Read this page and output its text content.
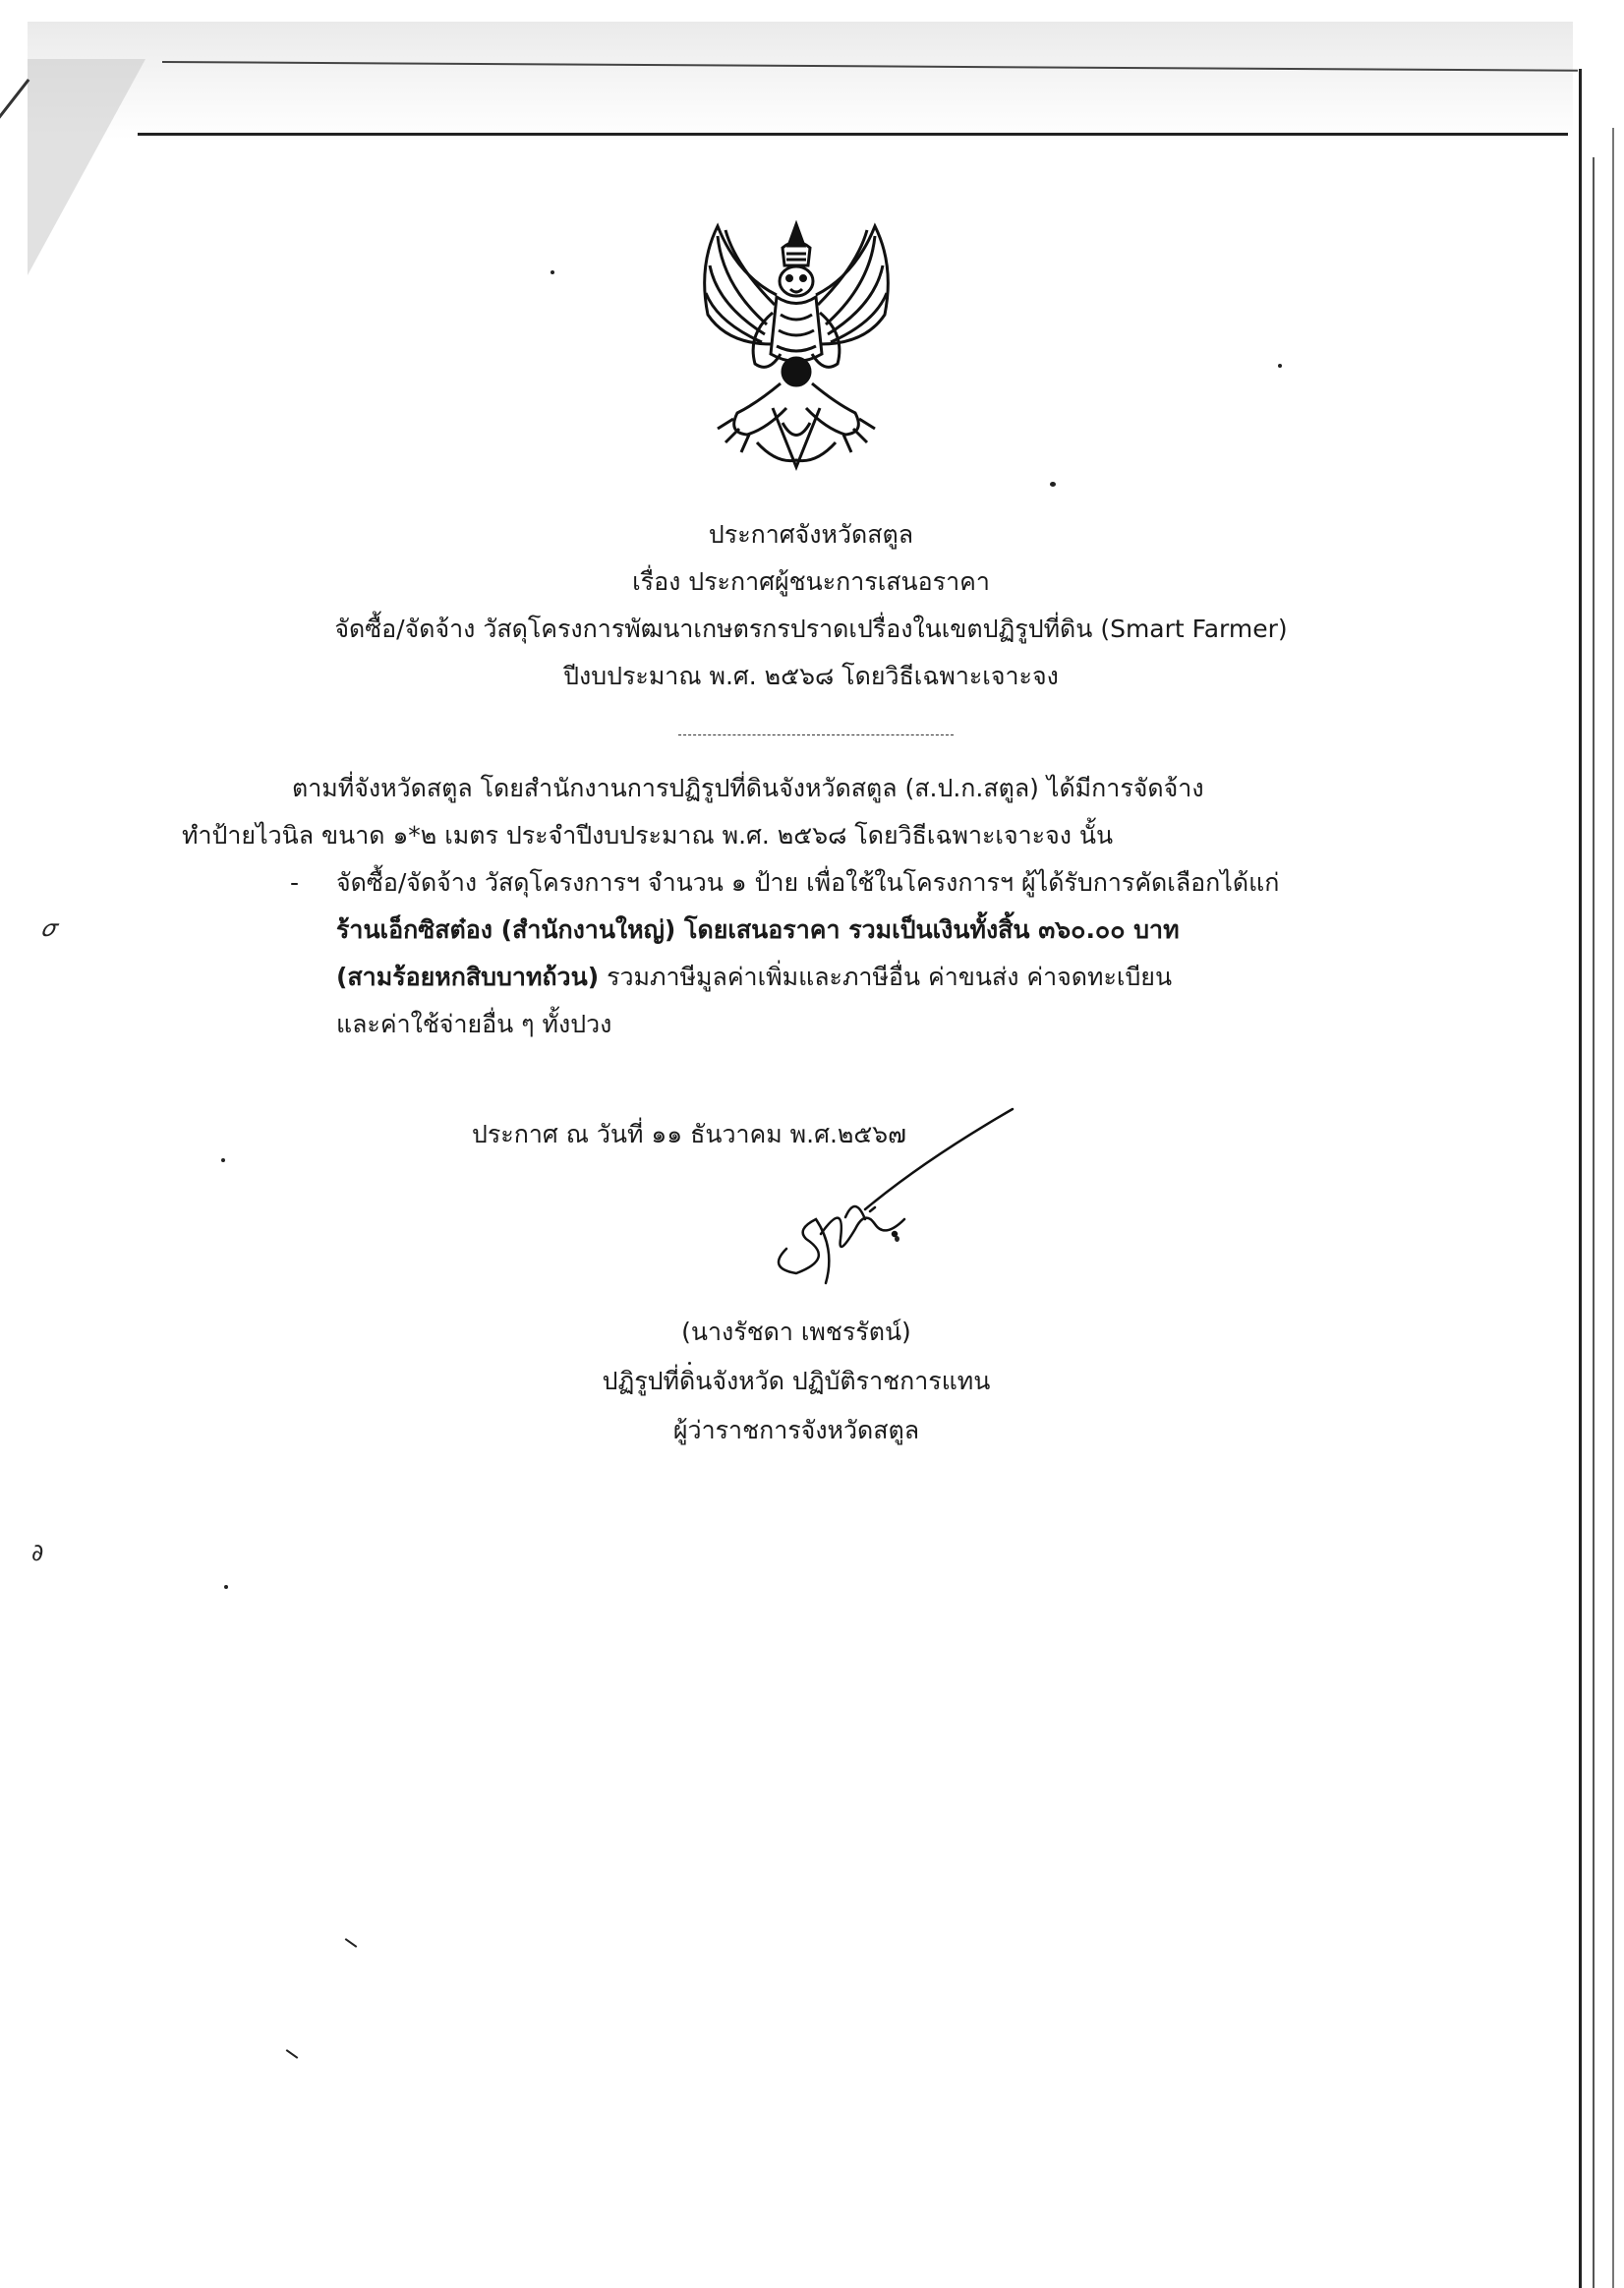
𝜎
∂
ประกาศจังหวัดสตูล
เรื่อง ประกาศผู้ชนะการเสนอราคา
จัดซื้อ/จัดจ้าง วัสดุโครงการพัฒนาเกษตรกรปราดเปรื่องในเขตปฏิรูปที่ดิน (Smart Farmer)
ปีงบประมาณ พ.ศ. ๒๕๖๘ โดยวิธีเฉพาะเจาะจง
ตามที่จังหวัดสตูล โดยสำนักงานการปฏิรูปที่ดินจังหวัดสตูล (ส.ป.ก.สตูล) ได้มีการจัดจ้าง
ทำป้ายไวนิล ขนาด ๑*๒ เมตร ประจำปีงบประมาณ พ.ศ. ๒๕๖๘ โดยวิธีเฉพาะเจาะจง นั้น
- จัดซื้อ/จัดจ้าง วัสดุโครงการฯ จำนวน ๑ ป้าย เพื่อใช้ในโครงการฯ ผู้ได้รับการคัดเลือกได้แก่
ร้านเอ็กซิสต๋อง (สำนักงานใหญ่) โดยเสนอราคา รวมเป็นเงินทั้งสิ้น ๓๖๐.๐๐ บาท
(สามร้อยหกสิบบาทถ้วน) รวมภาษีมูลค่าเพิ่มและภาษีอื่น ค่าขนส่ง ค่าจดทะเบียน
และค่าใช้จ่ายอื่น ๆ ทั้งปวง
ประกาศ ณ วันที่ ๑๑ ธันวาคม พ.ศ.๒๕๖๗
(นางรัชดา เพชรรัตน์)
ปฏิรูปที่ดินจังหวัด ปฏิบัติราชการแทน
ผู้ว่าราชการจังหวัดสตูล
